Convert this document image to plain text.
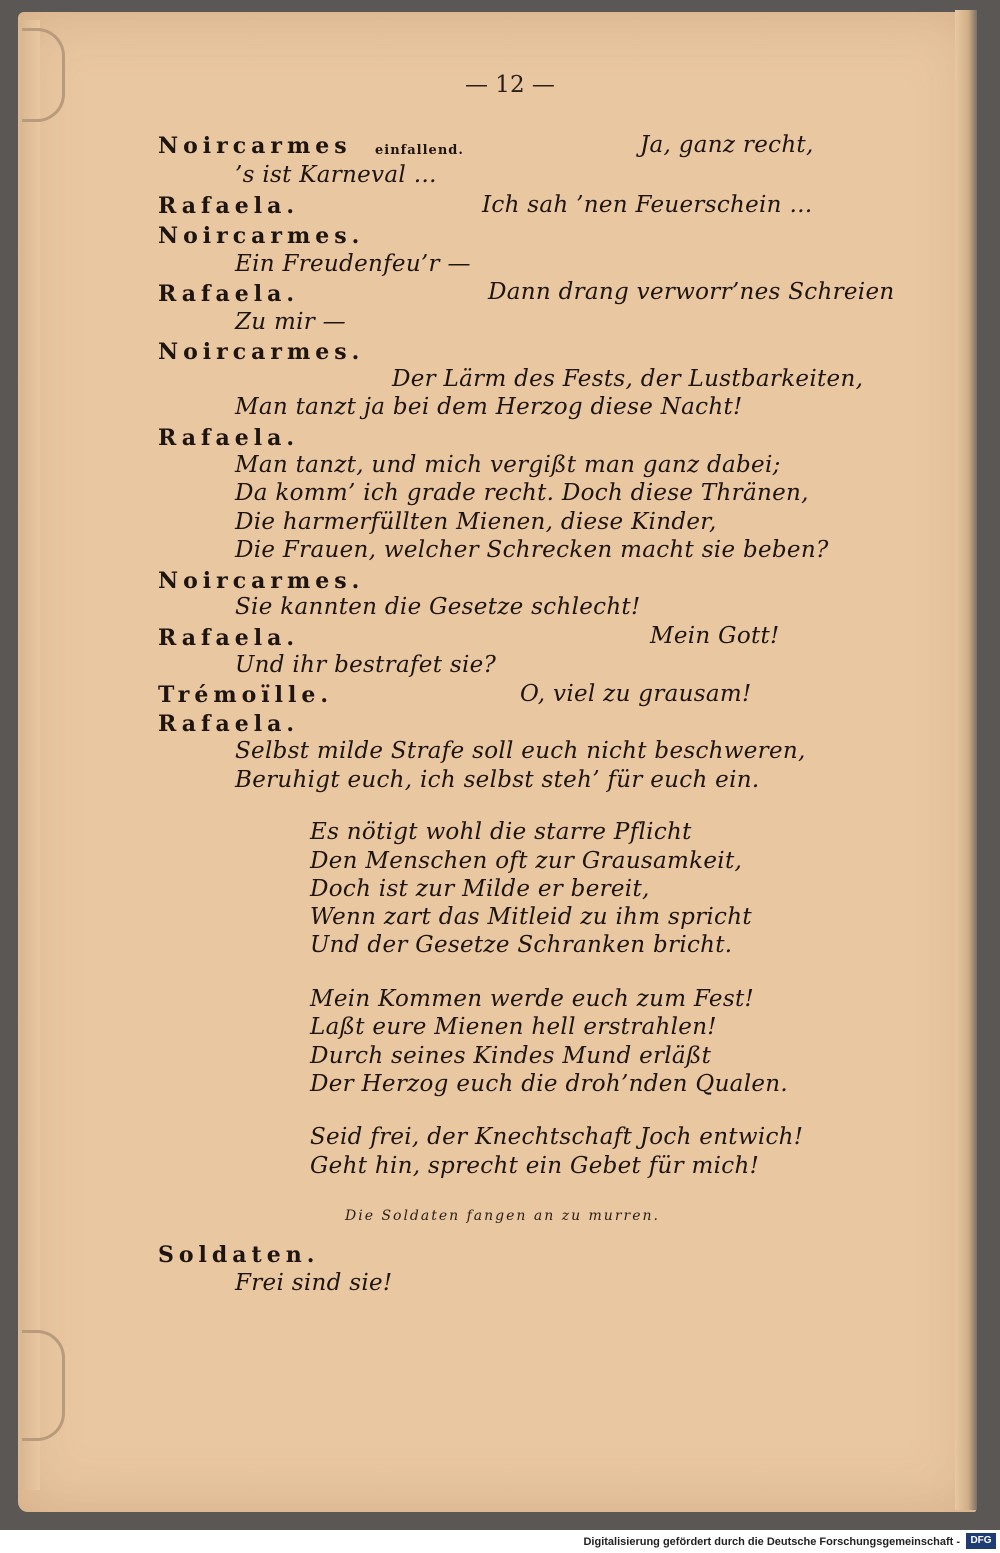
— 12 —
Noircarmes einfallend.	Ja, ganz recht,
’s ist Karneval …
Rafaela.	Ich sah ’nen Feuerschein …
Noircarmes.
Ein Freudenfeu’r —
Rafaela.	Dann drang verworr’nes Schreien
Zu mir —
Noircarmes.
Der Lärm des Fests, der Lustbarkeiten,
Man tanzt ja bei dem Herzog diese Nacht!
Rafaela.
Man tanzt, und mich vergißt man ganz dabei;
Da komm’ ich grade recht. Doch diese Thränen,
Die harmerfüllten Mienen, diese Kinder,
Die Frauen, welcher Schrecken macht sie beben?
Noircarmes.
Sie kannten die Gesetze schlecht!
Rafaela.	Mein Gott!
Und ihr bestrafet sie?
Trémoïlle.	O, viel zu grausam!
Rafaela.
Selbst milde Strafe soll euch nicht beschweren,
Beruhigt euch, ich selbst steh’ für euch ein.
Es nötigt wohl die starre Pflicht
Den Menschen oft zur Grausamkeit,
Doch ist zur Milde er bereit,
Wenn zart das Mitleid zu ihm spricht
Und der Gesetze Schranken bricht.
Mein Kommen werde euch zum Fest!
Laßt eure Mienen hell erstrahlen!
Durch seines Kindes Mund erläßt
Der Herzog euch die droh’nden Qualen.
Seid frei, der Knechtschaft Joch entwich!
Geht hin, sprecht ein Gebet für mich!
Die Soldaten fangen an zu murren.
Soldaten.
Frei sind sie!
Digitalisierung gefördert durch die Deutsche Forschungsgemeinschaft -	DFG
